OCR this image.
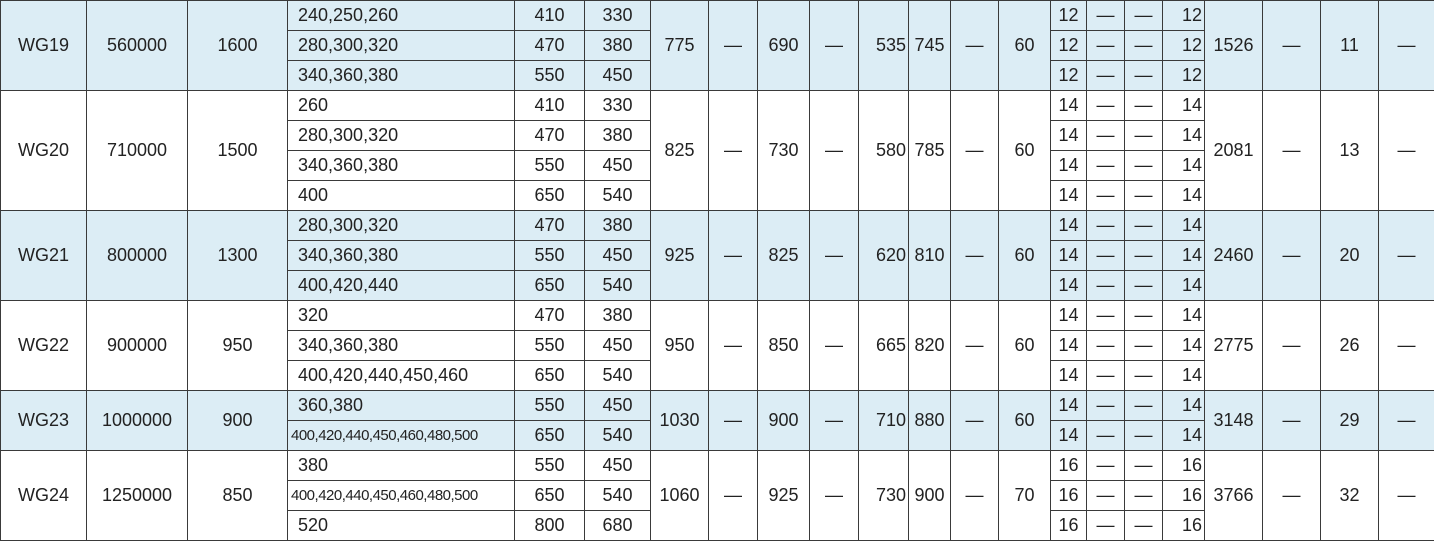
WG19	560000	1600	240,250,260	410	330	775	—	690	—	535	745	—	60	12	—	—	12	1526	—	11	—
			280,300,320	470	380									12	—	—	12				
			340,360,380	550	450									12	—	—	12				
WG20	710000	1500	260	410	330	825	—	730	—	580	785	—	60	14	—	—	14	2081	—	13	—
			280,300,320	470	380									14	—	—	14				
			340,360,380	550	450									14	—	—	14				
			400	650	540									14	—	—	14				
WG21	800000	1300	280,300,320	470	380	925	—	825	—	620	810	—	60	14	—	—	14	2460	—	20	—
			340,360,380	550	450									14	—	—	14				
			400,420,440	650	540									14	—	—	14				
WG22	900000	950	320	470	380	950	—	850	—	665	820	—	60	14	—	—	14	2775	—	26	—
			340,360,380	550	450									14	—	—	14				
			400,420,440,450,460	650	540									14	—	—	14				
WG23	1000000	900	360,380	550	450	1030	—	900	—	710	880	—	60	14	—	—	14	3148	—	29	—
			400,420,440,450,460,480,500	650	540									14	—	—	14				
WG24	1250000	850	380	550	450	1060	—	925	—	730	900	—	70	16	—	—	16	3766	—	32	—
			400,420,440,450,460,480,500	650	540									16	—	—	16				
			520	800	680									16	—	—	16				
